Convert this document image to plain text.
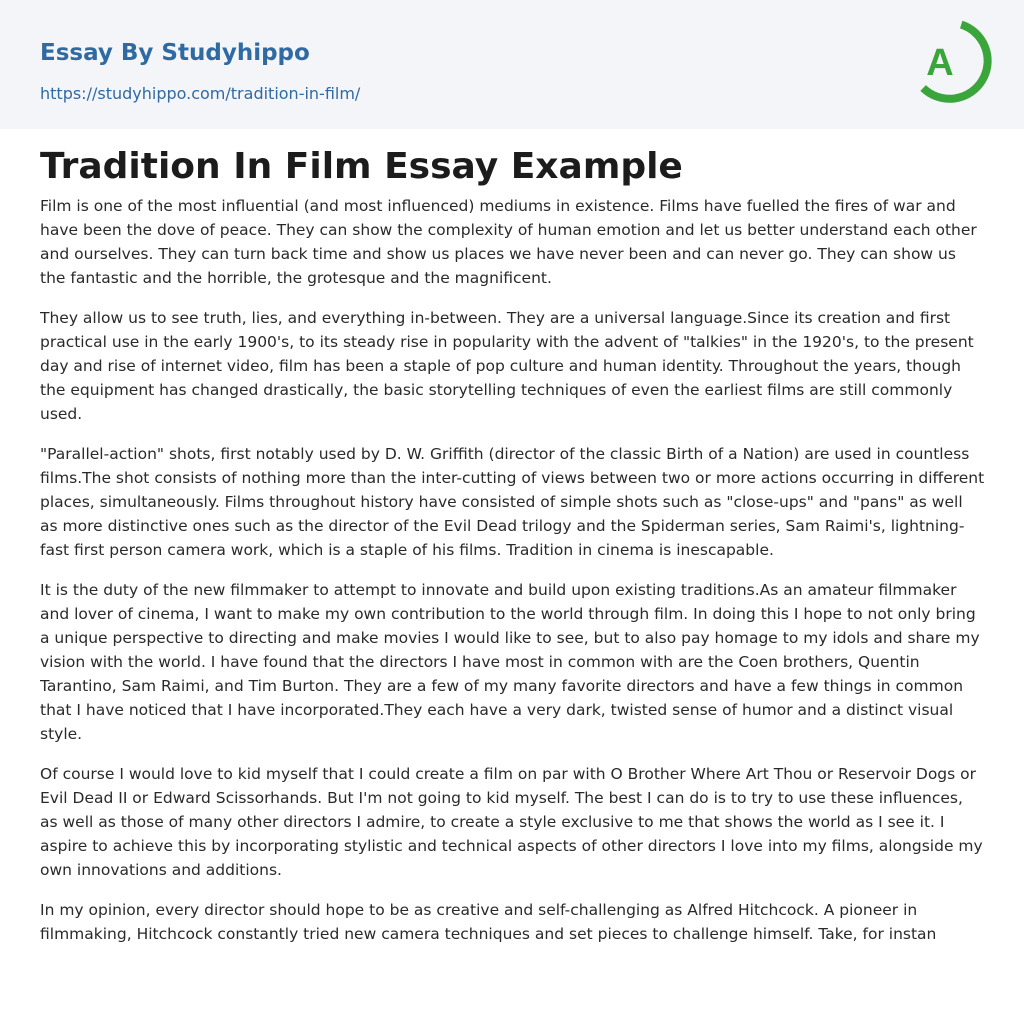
Essay By Studyhippo
https://studyhippo.com/tradition-in-film/
A
Tradition In Film Essay Example

Film is one of the most influential (and most influenced) mediums in existence. Films have fuelled the fires of war and have been the dove of peace. They can show the complexity of human emotion and let us better understand each other and ourselves. They can turn back time and show us places we have never been and can never go. They can show us the fantastic and the horrible, the grotesque and the magnificent.

They allow us to see truth, lies, and everything in-between. They are a universal language.Since its creation and first practical use in the early 1900's, to its steady rise in popularity with the advent of "talkies" in the 1920's, to the present day and rise of internet video, film has been a staple of pop culture and human identity. Throughout the years, though the equipment has changed drastically, the basic storytelling techniques of even the earliest films are still commonly used.

"Parallel-action" shots, first notably used by D. W. Griffith (director of the classic Birth of a Nation) are used in countless films.The shot consists of nothing more than the inter-cutting of views between two or more actions occurring in different places, simultaneously. Films throughout history have consisted of simple shots such as "close-ups" and "pans" as well as more distinctive ones such as the director of the Evil Dead trilogy and the Spiderman series, Sam Raimi's, lightning-fast first person camera work, which is a staple of his films. Tradition in cinema is inescapable.

It is the duty of the new filmmaker to attempt to innovate and build upon existing traditions.As an amateur filmmaker and lover of cinema, I want to make my own contribution to the world through film. In doing this I hope to not only bring a unique perspective to directing and make movies I would like to see, but to also pay homage to my idols and share my vision with the world. I have found that the directors I have most in common with are the Coen brothers, Quentin Tarantino, Sam Raimi, and Tim Burton. They are a few of my many favorite directors and have a few things in common that I have noticed that I have incorporated.They each have a very dark, twisted sense of humor and a distinct visual style.

Of course I would love to kid myself that I could create a film on par with O Brother Where Art Thou or Reservoir Dogs or Evil Dead II or Edward Scissorhands. But I'm not going to kid myself. The best I can do is to try to use these influences, as well as those of many other directors I admire, to create a style exclusive to me that shows the world as I see it. I aspire to achieve this by incorporating stylistic and technical aspects of other directors I love into my films, alongside my own innovations and additions.

In my opinion, every director should hope to be as creative and self-challenging as Alfred Hitchcock. A pioneer in filmmaking, Hitchcock constantly tried new camera techniques and set pieces to challenge himself. Take, for instan
